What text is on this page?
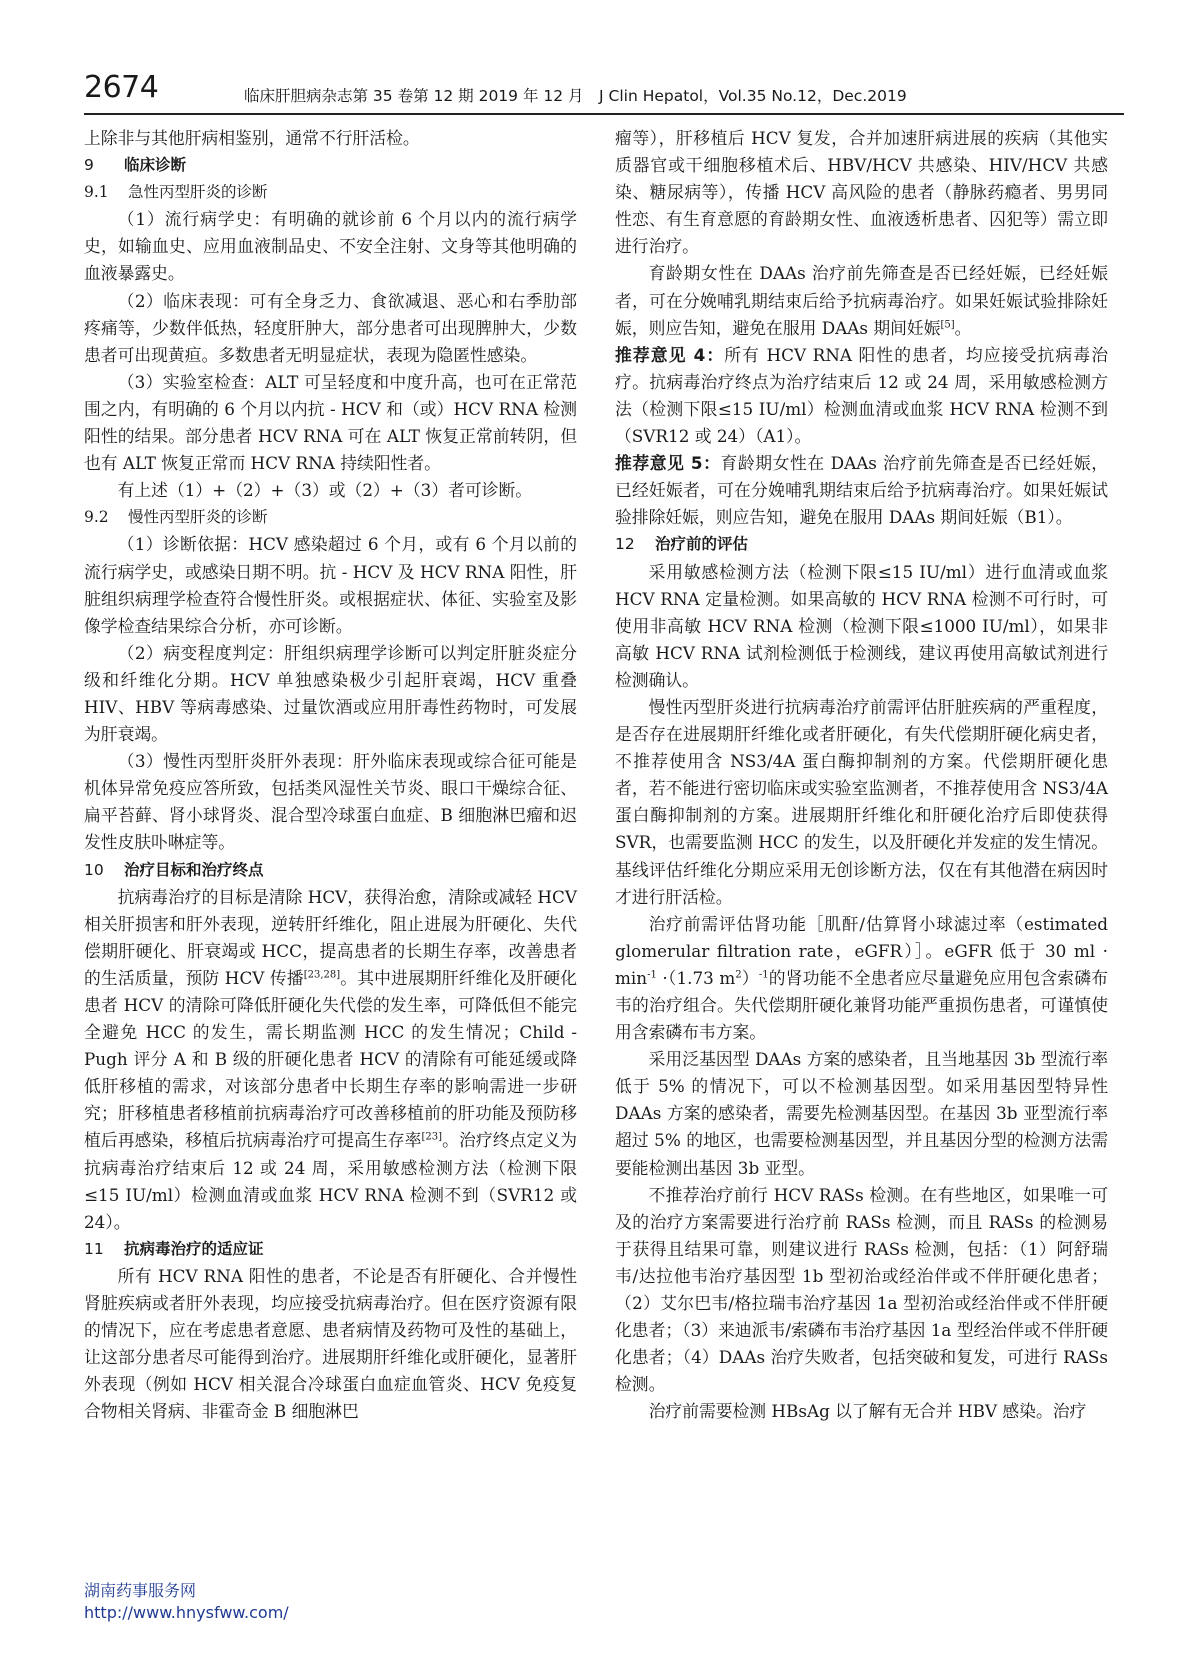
2674	临床肝胆病杂志第 35 卷第 12 期 2019 年 12 月　J Clin Hepatol，Vol.35 No.12，Dec.2019

上除非与其他肝病相鉴别，通常不行肝活检。

9 临床诊断
9.1 急性丙型肝炎的诊断

（1）流行病学史：有明确的就诊前 6 个月以内的流行病学史，如输血史、应用血液制品史、不安全注射、文身等其他明确的血液暴露史。

（2）临床表现：可有全身乏力、食欲减退、恶心和右季肋部疼痛等，少数伴低热，轻度肝肿大，部分患者可出现脾肿大，少数患者可出现黄疸。多数患者无明显症状，表现为隐匿性感染。

（3）实验室检查：ALT 可呈轻度和中度升高，也可在正常范围之内，有明确的 6 个月以内抗 - HCV 和（或）HCV RNA 检测阳性的结果。部分患者 HCV RNA 可在 ALT 恢复正常前转阴，但也有 ALT 恢复正常而 HCV RNA 持续阳性者。

有上述（1）+（2）+（3）或（2）+（3）者可诊断。

9.2 慢性丙型肝炎的诊断

（1）诊断依据：HCV 感染超过 6 个月，或有 6 个月以前的流行病学史，或感染日期不明。抗 - HCV 及 HCV RNA 阳性，肝脏组织病理学检查符合慢性肝炎。或根据症状、体征、实验室及影像学检查结果综合分析，亦可诊断。

（2）病变程度判定：肝组织病理学诊断可以判定肝脏炎症分级和纤维化分期。HCV 单独感染极少引起肝衰竭，HCV 重叠 HIV、HBV 等病毒感染、过量饮酒或应用肝毒性药物时，可发展为肝衰竭。

（3）慢性丙型肝炎肝外表现：肝外临床表现或综合征可能是机体异常免疫应答所致，包括类风湿性关节炎、眼口干燥综合征、扁平苔藓、肾小球肾炎、混合型冷球蛋白血症、B 细胞淋巴瘤和迟发性皮肤卟啉症等。

10 治疗目标和治疗终点

抗病毒治疗的目标是清除 HCV，获得治愈，清除或减轻 HCV 相关肝损害和肝外表现，逆转肝纤维化，阻止进展为肝硬化、失代偿期肝硬化、肝衰竭或 HCC，提高患者的长期生存率，改善患者的生活质量，预防 HCV 传播[23,28]。其中进展期肝纤维化及肝硬化患者 HCV 的清除可降低肝硬化失代偿的发生率，可降低但不能完全避免 HCC 的发生，需长期监测 HCC 的发生情况；Child - Pugh 评分 A 和 B 级的肝硬化患者 HCV 的清除有可能延缓或降低肝移植的需求，对该部分患者中长期生存率的影响需进一步研究；肝移植患者移植前抗病毒治疗可改善移植前的肝功能及预防移植后再感染，移植后抗病毒治疗可提高生存率[23]。治疗终点定义为抗病毒治疗结束后 12 或 24 周，采用敏感检测方法（检测下限≤15 IU/ml）检测血清或血浆 HCV RNA 检测不到（SVR12 或 24）。

11 抗病毒治疗的适应证

所有 HCV RNA 阳性的患者，不论是否有肝硬化、合并慢性肾脏疾病或者肝外表现，均应接受抗病毒治疗。但在医疗资源有限的情况下，应在考虑患者意愿、患者病情及药物可及性的基础上，让这部分患者尽可能得到治疗。进展期肝纤维化或肝硬化，显著肝外表现（例如 HCV 相关混合冷球蛋白血症血管炎、HCV 免疫复合物相关肾病、非霍奇金 B 细胞淋巴

瘤等），肝移植后 HCV 复发，合并加速肝病进展的疾病（其他实质器官或干细胞移植术后、HBV/HCV 共感染、HIV/HCV 共感染、糖尿病等），传播 HCV 高风险的患者（静脉药瘾者、男男同性恋、有生育意愿的育龄期女性、血液透析患者、囚犯等）需立即进行治疗。

育龄期女性在 DAAs 治疗前先筛查是否已经妊娠，已经妊娠者，可在分娩哺乳期结束后给予抗病毒治疗。如果妊娠试验排除妊娠，则应告知，避免在服用 DAAs 期间妊娠[5]。

推荐意见 4：所有 HCV RNA 阳性的患者，均应接受抗病毒治疗。抗病毒治疗终点为治疗结束后 12 或 24 周，采用敏感检测方法（检测下限≤15 IU/ml）检测血清或血浆 HCV RNA 检测不到（SVR12 或 24）（A1）。

推荐意见 5：育龄期女性在 DAAs 治疗前先筛查是否已经妊娠，已经妊娠者，可在分娩哺乳期结束后给予抗病毒治疗。如果妊娠试验排除妊娠，则应告知，避免在服用 DAAs 期间妊娠（B1）。

12 治疗前的评估

采用敏感检测方法（检测下限≤15 IU/ml）进行血清或血浆 HCV RNA 定量检测。如果高敏的 HCV RNA 检测不可行时，可使用非高敏 HCV RNA 检测（检测下限≤1000 IU/ml），如果非高敏 HCV RNA 试剂检测低于检测线，建议再使用高敏试剂进行检测确认。

慢性丙型肝炎进行抗病毒治疗前需评估肝脏疾病的严重程度，是否存在进展期肝纤维化或者肝硬化，有失代偿期肝硬化病史者，不推荐使用含 NS3/4A 蛋白酶抑制剂的方案。代偿期肝硬化患者，若不能进行密切临床或实验室监测者，不推荐使用含 NS3/4A 蛋白酶抑制剂的方案。进展期肝纤维化和肝硬化治疗后即使获得 SVR，也需要监测 HCC 的发生，以及肝硬化并发症的发生情况。基线评估纤维化分期应采用无创诊断方法，仅在有其他潜在病因时才进行肝活检。

治疗前需评估肾功能［肌酐/估算肾小球滤过率（estimated glomerular filtration rate，eGFR）］。eGFR 低于 30 ml · $\min^{-1} \cdot(1.73$ $m^2)^{-1}$的肾功能不全患者应尽量避免应用包含索磷布韦的治疗组合。失代偿期肝硬化兼肾功能严重损伤患者，可谨慎使用含索磷布韦方案。

采用泛基因型 DAAs 方案的感染者，且当地基因 3b 型流行率低于 5% 的情况下，可以不检测基因型。如采用基因型特异性 DAAs 方案的感染者，需要先检测基因型。在基因 3b 亚型流行率超过 5% 的地区，也需要检测基因型，并且基因分型的检测方法需要能检测出基因 3b 亚型。

不推荐治疗前行 HCV RASs 检测。在有些地区，如果唯一可及的治疗方案需要进行治疗前 RASs 检测，而且 RASs 的检测易于获得且结果可靠，则建议进行 RASs 检测，包括：（1）阿舒瑞韦/达拉他韦治疗基因型 1b 型初治或经治伴或不伴肝硬化患者；（2）艾尔巴韦/格拉瑞韦治疗基因 1a 型初治或经治伴或不伴肝硬化患者；（3）来迪派韦/索磷布韦治疗基因 1a 型经治伴或不伴肝硬化患者；（4）DAAs 治疗失败者，包括突破和复发，可进行 RASs 检测。

治疗前需要检测 HBsAg 以了解有无合并 HBV 感染。治疗

湖南药事服务网
http://www.hnysfww.com/
